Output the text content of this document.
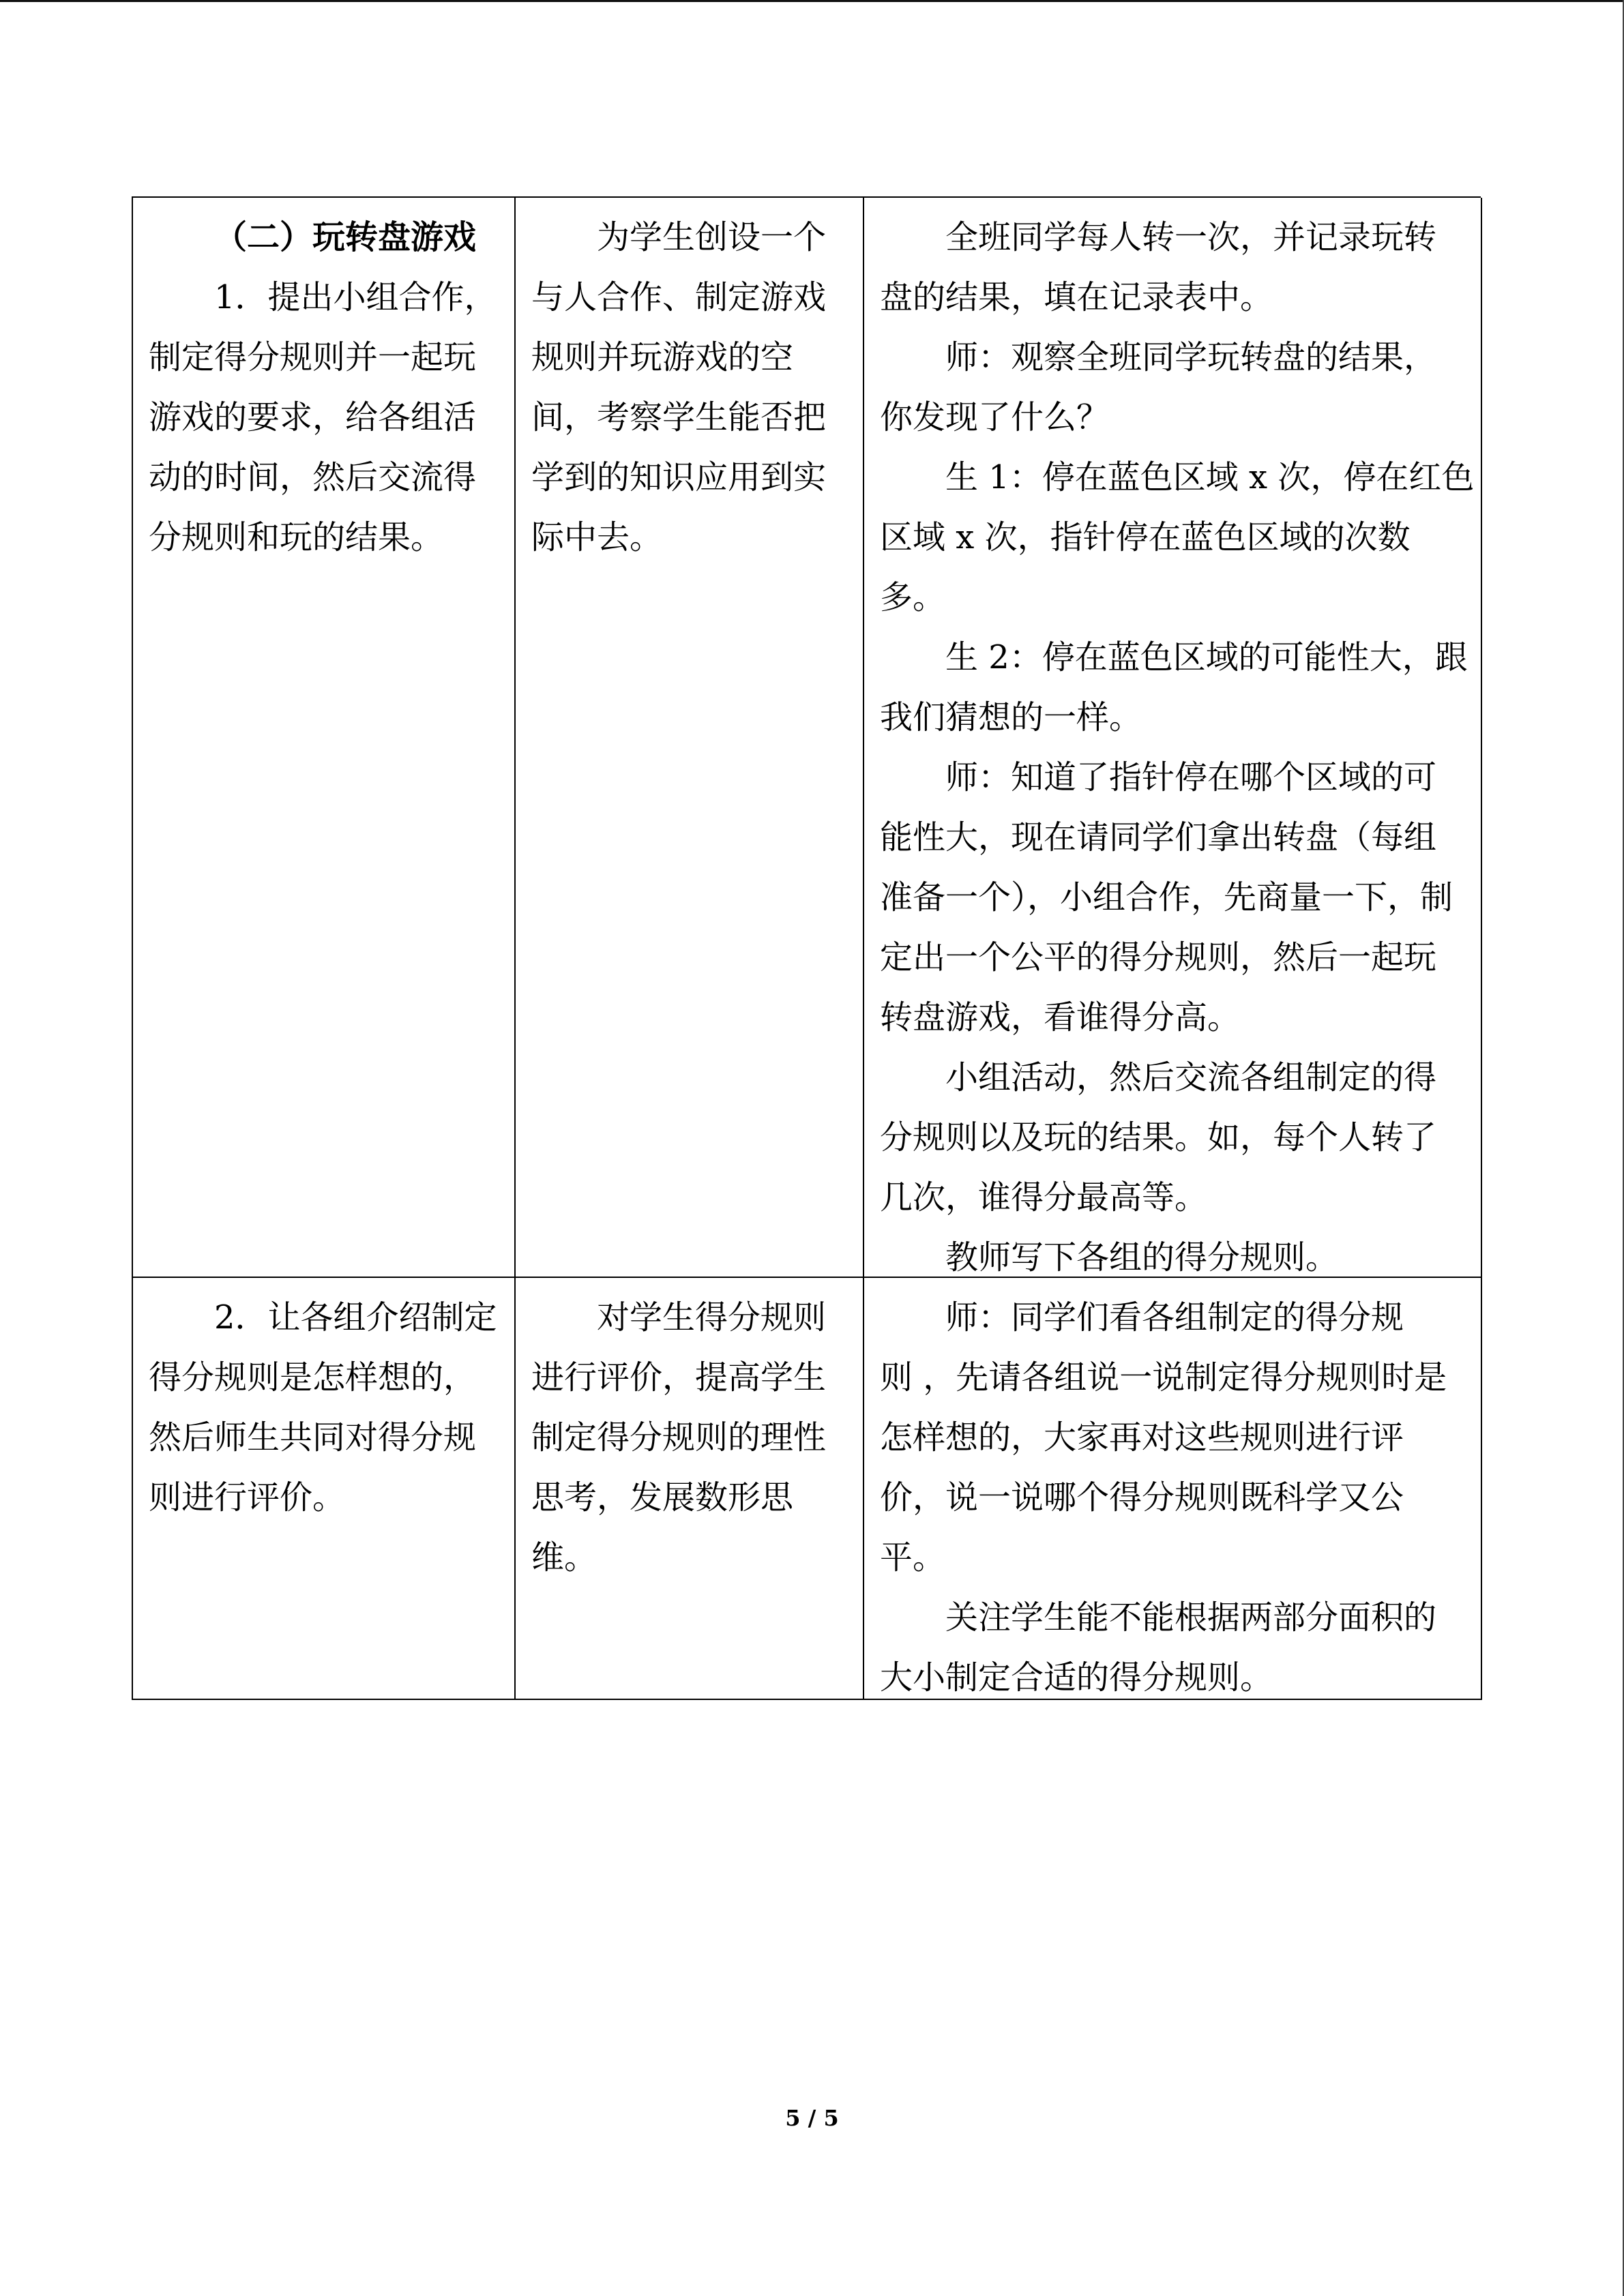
（二）玩转盘游戏
1．提出小组合作，
制定得分规则并一起玩
游戏的要求，给各组活
动的时间，然后交流得
分规则和玩的结果。
为学生创设一个
与人合作、制定游戏
规则并玩游戏的空
间，考察学生能否把
学到的知识应用到实
际中去。
全班同学每人转一次，并记录玩转
盘的结果，填在记录表中。
师：观察全班同学玩转盘的结果，
你发现了什么？
生 1：停在蓝色区域 x 次，停在红色
区域 x 次，指针停在蓝色区域的次数
多。
生 2：停在蓝色区域的可能性大，跟
我们猜想的一样。
师：知道了指针停在哪个区域的可
能性大，现在请同学们拿出转盘（每组
准备一个），小组合作，先商量一下，制
定出一个公平的得分规则，然后一起玩
转盘游戏，看谁得分高。
小组活动，然后交流各组制定的得
分规则以及玩的结果。如，每个人转了
几次，谁得分最高等。
教师写下各组的得分规则。
2．让各组介绍制定
得分规则是怎样想的，
然后师生共同对得分规
则进行评价。
对学生得分规则
进行评价，提高学生
制定得分规则的理性
思考，发展数形思
维。
师：同学们看各组制定的得分规
则 ，先请各组说一说制定得分规则时是
怎样想的，大家再对这些规则进行评
价，说一说哪个得分规则既科学又公
平。
关注学生能不能根据两部分面积的
大小制定合适的得分规则。
5 / 5
